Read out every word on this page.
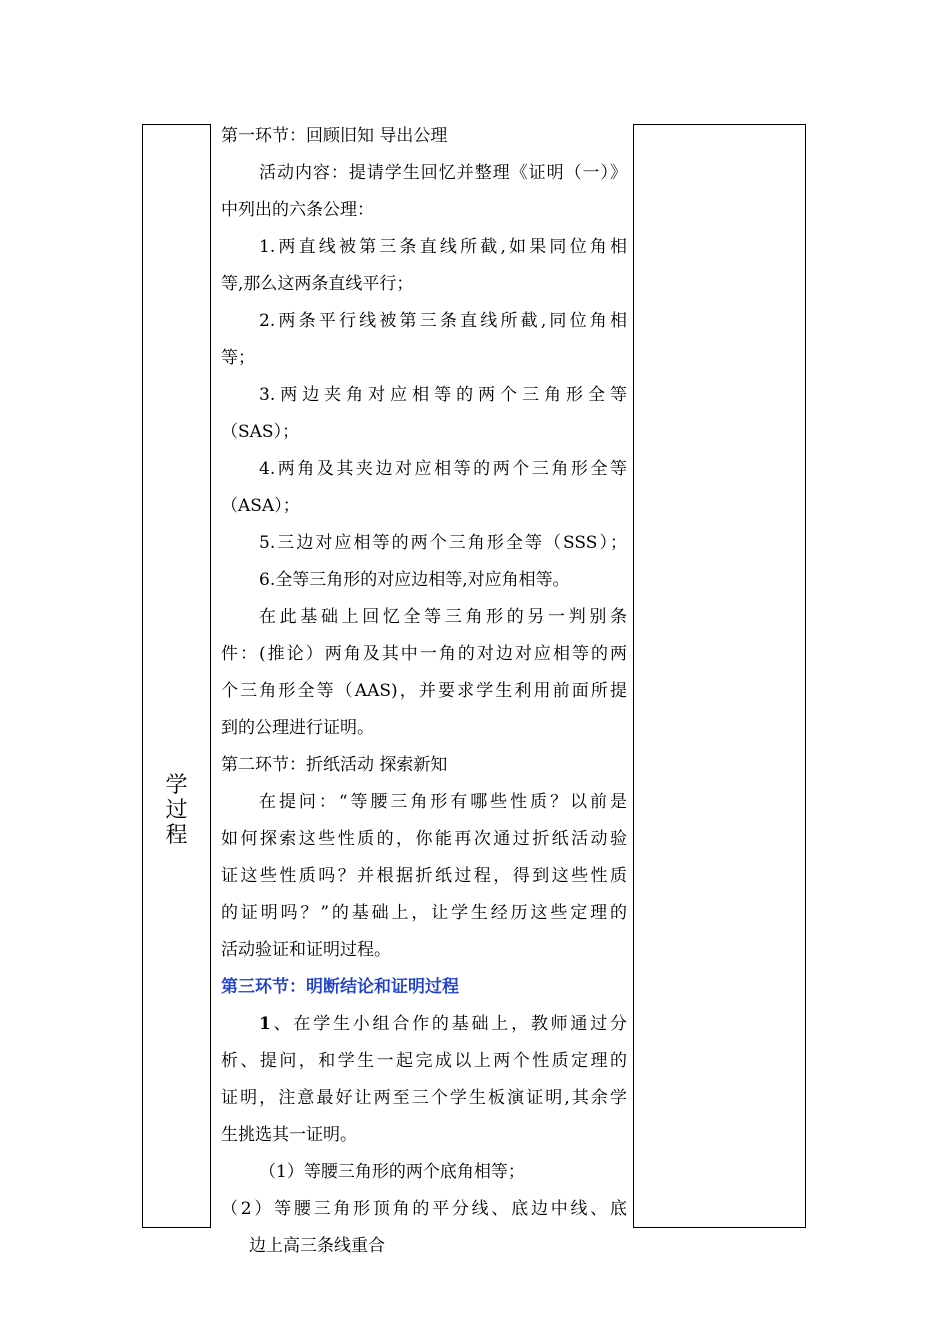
学
过
程
第一环节：回顾旧知 导出公理
活动内容：提请学生回忆并整理《证明（一）》
中列出的六条公理：
1.两直线被第三条直线所截,如果同位角相
等,那么这两条直线平行；
2.两条平行线被第三条直线所截,同位角相
等；
3.两边夹角对应相等的两个三角形全等
（SAS）；
4.两角及其夹边对应相等的两个三角形全等
（ASA）；
5.三边对应相等的两个三角形全等（SSS）；
6.全等三角形的对应边相等,对应角相等。
在此基础上回忆全等三角形的另一判别条
件：(推论）两角及其中一角的对边对应相等的两
个三角形全等（AAS)，并要求学生利用前面所提
到的公理进行证明。
第二环节：折纸活动 探索新知
在提问：“等腰三角形有哪些性质？以前是
如何探索这些性质的，你能再次通过折纸活动验
证这些性质吗？并根据折纸过程，得到这些性质
的证明吗？”的基础上，让学生经历这些定理的
活动验证和证明过程。
第三环节：明断结论和证明过程
1、在学生小组合作的基础上，教师通过分
析、提问，和学生一起完成以上两个性质定理的
证明，注意最好让两至三个学生板演证明,其余学
生挑选其一证明。
（1）等腰三角形的两个底角相等；
（2）等腰三角形顶角的平分线、底边中线、底
边上高三条线重合
